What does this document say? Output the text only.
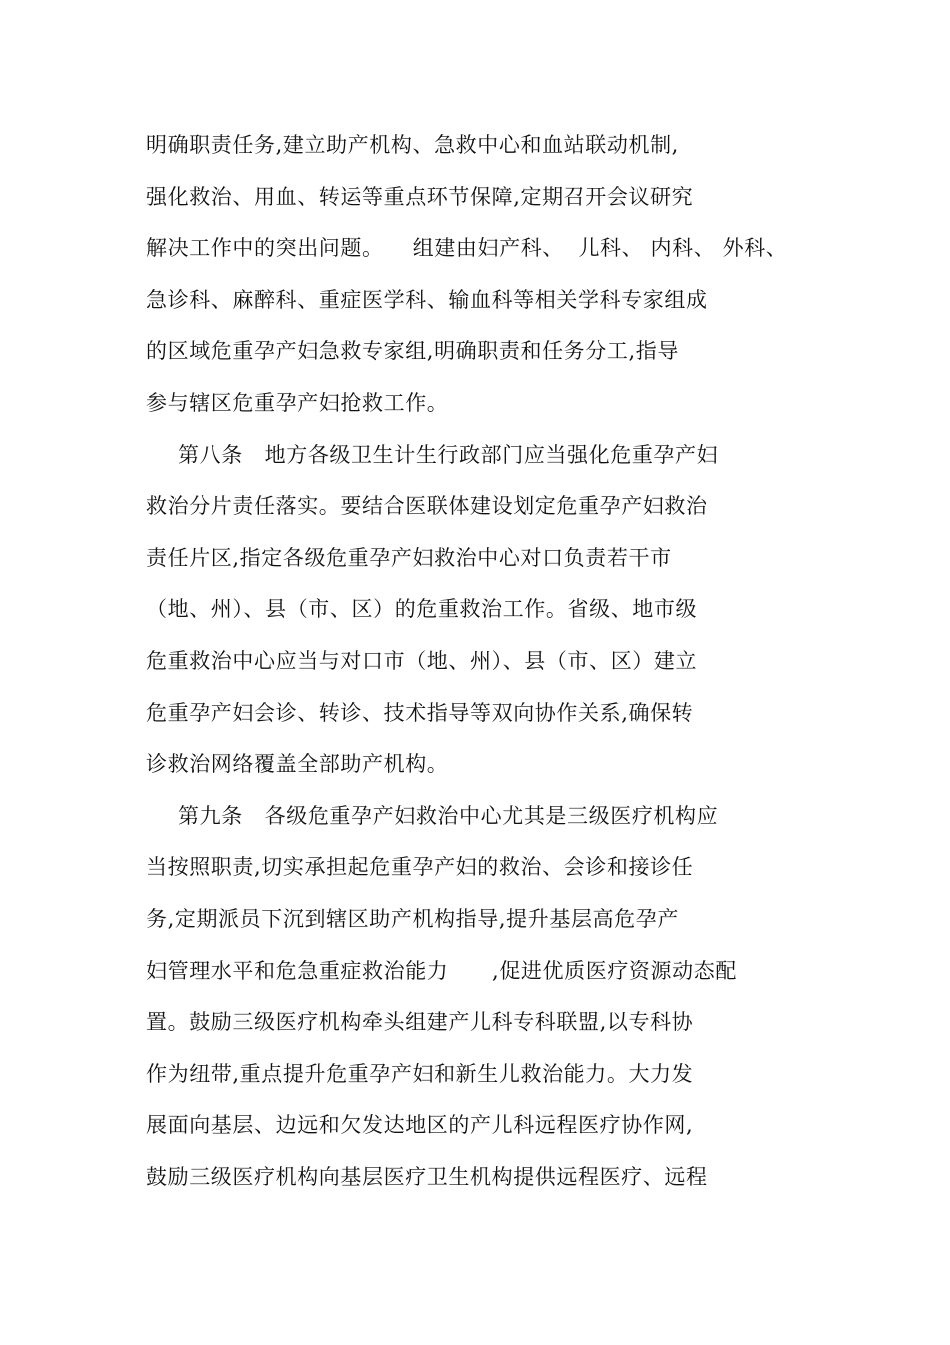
明确职责任务,建立助产机构、急救中心和血站联动机制,
强化救治、用血、转运等重点环节保障,定期召开会议研究
解决工作中的突出问题。    组建由妇产科、  儿科、 内科、 外科、
急诊科、麻醉科、重症医学科、输血科等相关学科专家组成
的区域危重孕产妇急救专家组,明确职责和任务分工,指导
参与辖区危重孕产妇抢救工作。
第八条   地方各级卫生计生行政部门应当强化危重孕产妇
救治分片责任落实。要结合医联体建设划定危重孕产妇救治
责任片区,指定各级危重孕产妇救治中心对口负责若干市
（地、州）、县（市、区）的危重救治工作。省级、地市级
危重救治中心应当与对口市（地、州）、县（市、区）建立
危重孕产妇会诊、转诊、技术指导等双向协作关系,确保转
诊救治网络覆盖全部助产机构。
第九条   各级危重孕产妇救治中心尤其是三级医疗机构应
当按照职责,切实承担起危重孕产妇的救治、会诊和接诊任
务,定期派员下沉到辖区助产机构指导,提升基层高危孕产
妇管理水平和危急重症救治能力      ,促进优质医疗资源动态配
置。鼓励三级医疗机构牵头组建产儿科专科联盟,以专科协
作为纽带,重点提升危重孕产妇和新生儿救治能力。大力发
展面向基层、边远和欠发达地区的产儿科远程医疗协作网,
鼓励三级医疗机构向基层医疗卫生机构提供远程医疗、远程
